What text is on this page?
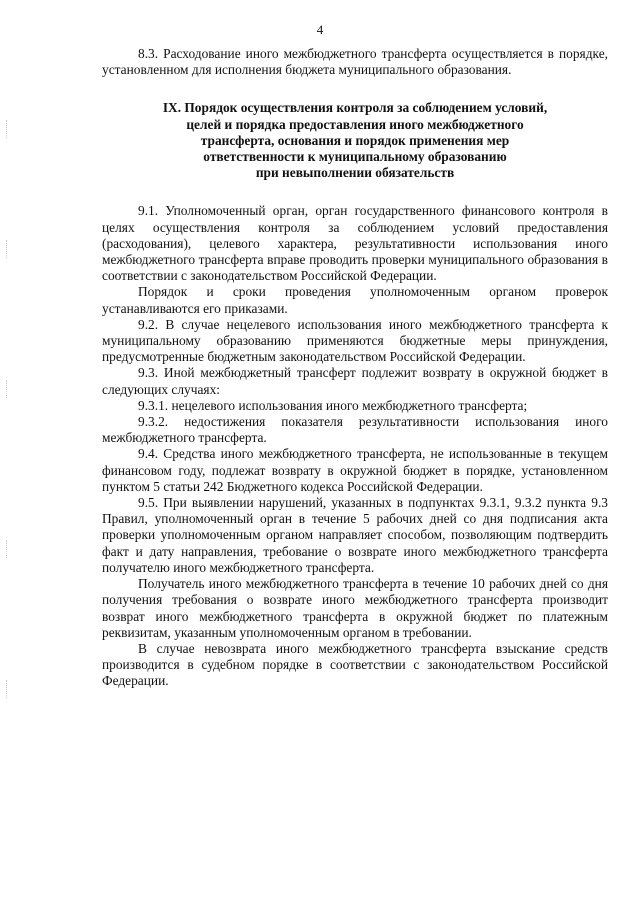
4

8.3. Расходование иного межбюджетного трансферта осуществляется в порядке, установленном для исполнения бюджета муниципального образования.

IX. Порядок осуществления контроля за соблюдением условий,
целей и порядка предоставления иного межбюджетного
трансферта, основания и порядок применения мер
ответственности к муниципальному образованию
при невыполнении обязательств

9.1. Уполномоченный орган, орган государственного финансового контроля в целях осуществления контроля за соблюдением условий предоставления (расходования), целевого характера, результативности использования иного межбюджетного трансферта вправе проводить проверки муниципального образования в соответствии с законодательством Российской Федерации.

Порядок и сроки проведения уполномоченным органом проверок устанавливаются его приказами.

9.2. В случае нецелевого использования иного межбюджетного трансферта к муниципальному образованию применяются бюджетные меры принуждения, предусмотренные бюджетным законодательством Российской Федерации.

9.3. Иной межбюджетный трансферт подлежит возврату в окружной бюджет в следующих случаях:

9.3.1. нецелевого использования иного межбюджетного трансферта;

9.3.2. недостижения показателя результативности использования иного межбюджетного трансферта.

9.4. Средства иного межбюджетного трансферта, не использованные в текущем финансовом году, подлежат возврату в окружной бюджет в порядке, установленном пунктом 5 статьи 242 Бюджетного кодекса Российской Федерации.

9.5. При выявлении нарушений, указанных в подпунктах 9.3.1, 9.3.2 пункта 9.3 Правил, уполномоченный орган в течение 5 рабочих дней со дня подписания акта проверки уполномоченным органом направляет способом, позволяющим подтвердить факт и дату направления, требование о возврате иного межбюджетного трансферта получателю иного межбюджетного трансферта.

Получатель иного межбюджетного трансферта в течение 10 рабочих дней со дня получения требования о возврате иного межбюджетного трансферта производит возврат иного межбюджетного трансферта в окружной бюджет по платежным реквизитам, указанным уполномоченным органом в требовании.

В случае невозврата иного межбюджетного трансферта взыскание средств производится в судебном порядке в соответствии с законодательством Российской Федерации.
